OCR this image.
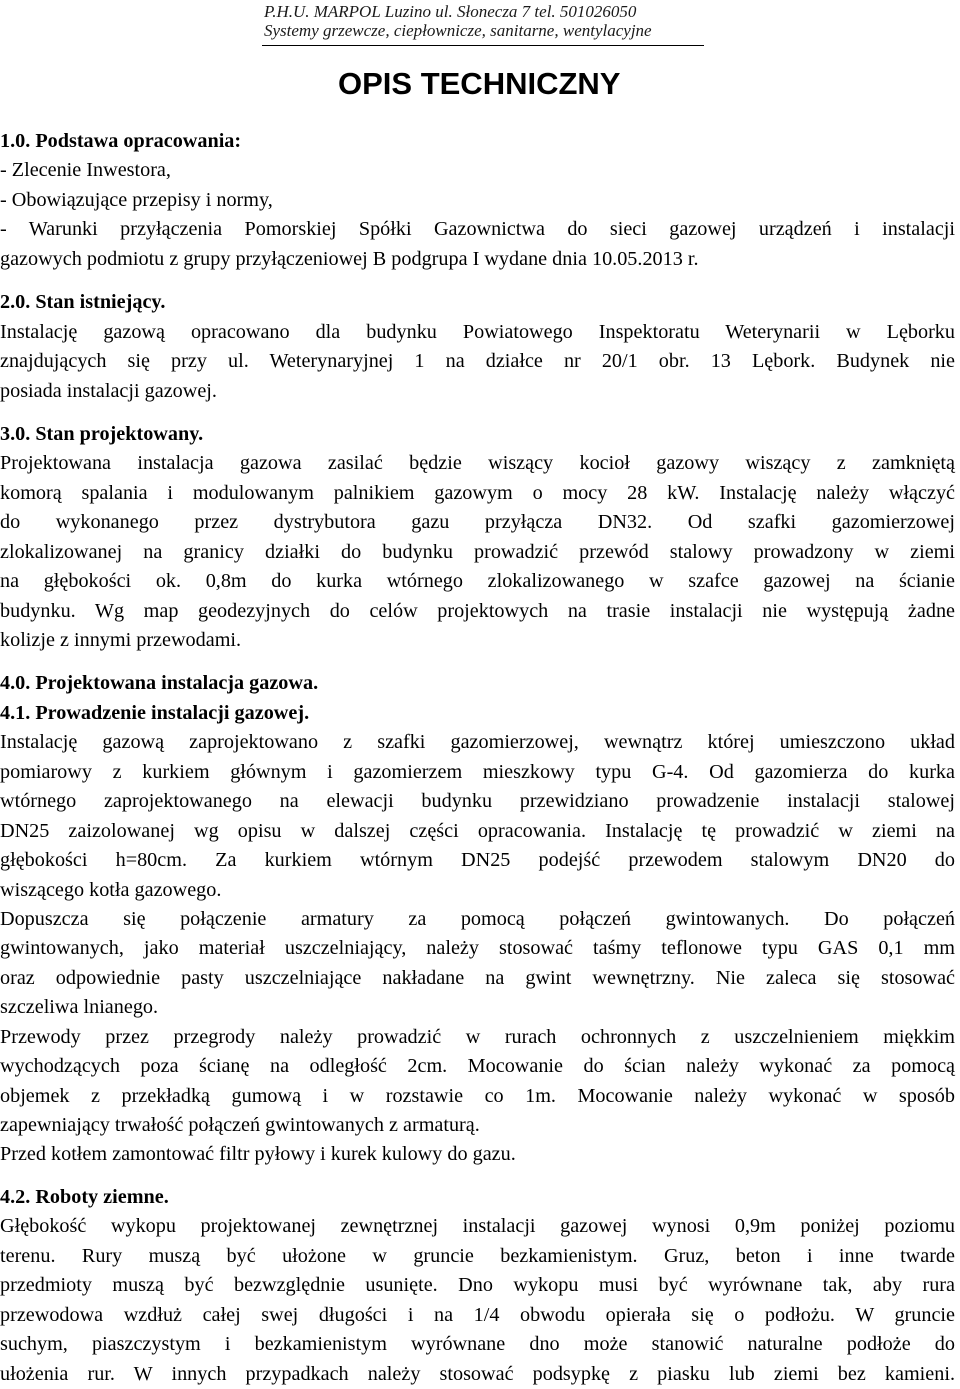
P.H.U. MARPOL Luzino ul. Słonecza 7 tel. 501026050
Systemy grzewcze, ciepłownicze, sanitarne, wentylacyjne
OPIS TECHNICZNY
1.0. Podstawa opracowania:
- Zlecenie Inwestora,
- Obowiązujące przepisy i normy,
- Warunki przyłączenia Pomorskiej Spółki Gazownictwa do sieci gazowej urządzeń i instalacji
gazowych podmiotu z grupy przyłączeniowej B podgrupa I wydane dnia 10.05.2013 r.
2.0. Stan istniejący.
Instalację gazową opracowano dla budynku Powiatowego Inspektoratu Weterynarii w Lęborku
znajdujących się przy ul. Weterynaryjnej 1 na działce nr 20/1 obr. 13 Lębork. Budynek nie
posiada instalacji gazowej.
3.0. Stan projektowany.
Projektowana instalacja gazowa zasilać będzie wiszący kocioł gazowy wiszący z zamkniętą
komorą spalania i modulowanym palnikiem gazowym o mocy 28 kW. Instalację należy włączyć
do wykonanego przez dystrybutora gazu przyłącza DN32. Od szafki gazomierzowej
zlokalizowanej na granicy działki do budynku prowadzić przewód stalowy prowadzony w ziemi
na głębokości ok. 0,8m do kurka wtórnego zlokalizowanego w szafce gazowej na ścianie
budynku. Wg map geodezyjnych do celów projektowych na trasie instalacji nie występują żadne
kolizje z innymi przewodami.
4.0. Projektowana instalacja gazowa.
4.1. Prowadzenie instalacji gazowej.
Instalację gazową zaprojektowano z szafki gazomierzowej, wewnątrz której umieszczono układ
pomiarowy z kurkiem głównym i gazomierzem mieszkowy typu G-4. Od gazomierza do kurka
wtórnego zaprojektowanego na elewacji budynku przewidziano prowadzenie instalacji stalowej
DN25 zaizolowanej wg opisu w dalszej części opracowania. Instalację tę prowadzić w ziemi na
głębokości h=80cm. Za kurkiem wtórnym DN25 podejść przewodem stalowym DN20 do
wiszącego kotła gazowego.
Dopuszcza się połączenie armatury za pomocą połączeń gwintowanych. Do połączeń
gwintowanych, jako materiał uszczelniający, należy stosować taśmy teflonowe typu GAS 0,1 mm
oraz odpowiednie pasty uszczelniające nakładane na gwint wewnętrzny. Nie zaleca się stosować
szczeliwa lnianego.
Przewody przez przegrody należy prowadzić w rurach ochronnych z uszczelnieniem miękkim
wychodzących poza ścianę na odległość 2cm. Mocowanie do ścian należy wykonać za pomocą
objemek z przekładką gumową i w rozstawie co 1m. Mocowanie należy wykonać w sposób
zapewniający trwałość połączeń gwintowanych z armaturą.
Przed kotłem zamontować filtr pyłowy i kurek kulowy do gazu.
4.2. Roboty ziemne.
Głębokość wykopu projektowanej zewnętrznej instalacji gazowej wynosi 0,9m poniżej poziomu
terenu. Rury muszą być ułożone w gruncie bezkamienistym. Gruz, beton i inne twarde
przedmioty muszą być bezwzględnie usunięte. Dno wykopu musi być wyrównane tak, aby rura
przewodowa wzdłuż całej swej długości i na 1/4 obwodu opierała się o podłożu. W gruncie
suchym, piaszczystym i bezkamienistym wyrównane dno może stanowić naturalne podłoże do
ułożenia rur. W innych przypadkach należy stosować podsypkę z piasku lub ziemi bez kamieni.
